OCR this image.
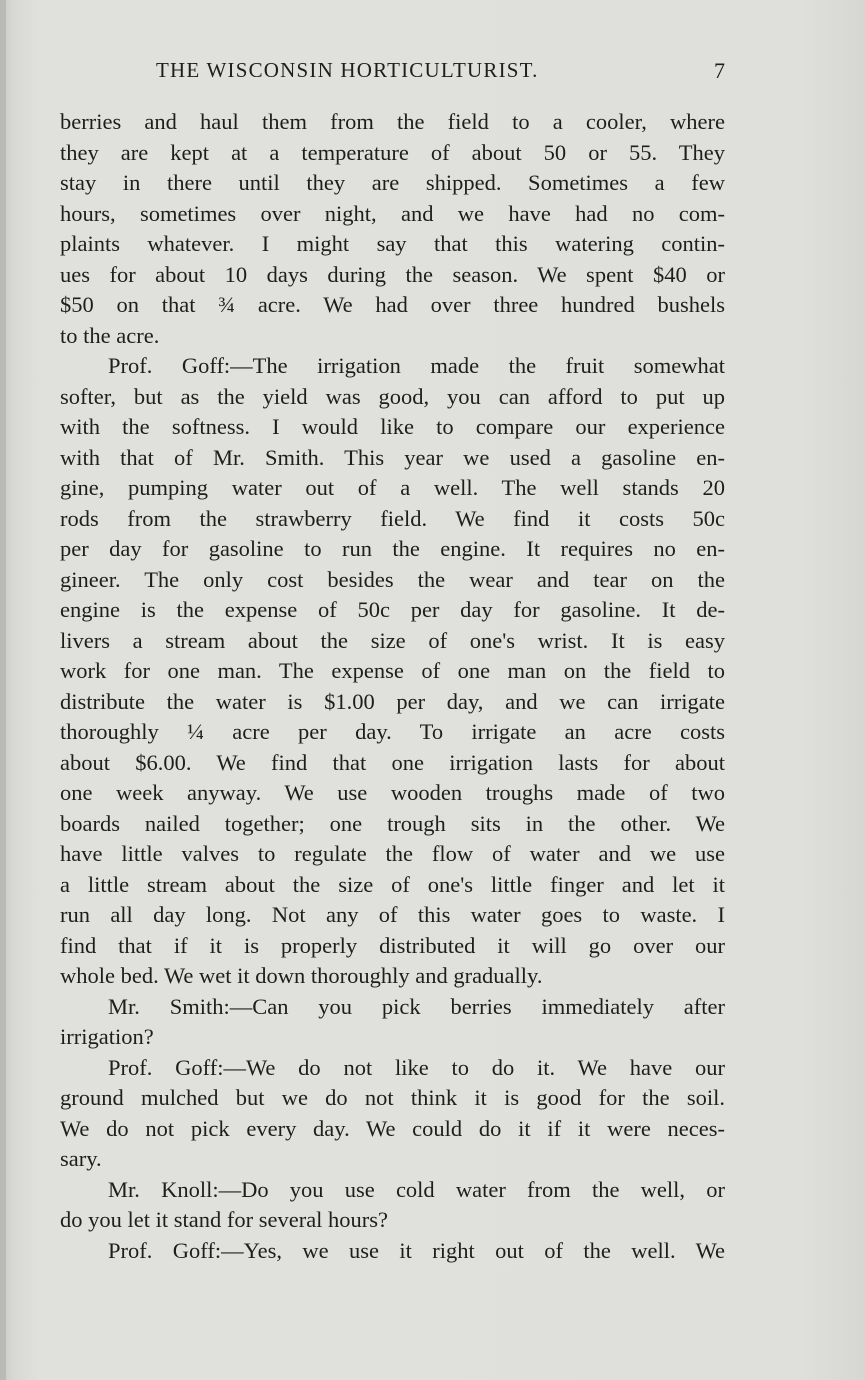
THE WISCONSIN HORTICULTURIST.	7
berries and haul them from the field to a cooler, where
they are kept at a temperature of about 50 or 55. They
stay in there until they are shipped. Sometimes a few
hours, sometimes over night, and we have had no com-
plaints whatever. I might say that this watering contin-
ues for about 10 days during the season. We spent $40 or
$50 on that ¾ acre. We had over three hundred bushels
to the acre.
Prof. Goff:—The irrigation made the fruit somewhat
softer, but as the yield was good, you can afford to put up
with the softness. I would like to compare our experience
with that of Mr. Smith. This year we used a gasoline en-
gine, pumping water out of a well. The well stands 20
rods from the strawberry field. We find it costs 50c
per day for gasoline to run the engine. It requires no en-
gineer. The only cost besides the wear and tear on the
engine is the expense of 50c per day for gasoline. It de-
livers a stream about the size of one's wrist. It is easy
work for one man. The expense of one man on the field to
distribute the water is $1.00 per day, and we can irrigate
thoroughly ¼ acre per day. To irrigate an acre costs
about $6.00. We find that one irrigation lasts for about
one week anyway. We use wooden troughs made of two
boards nailed together; one trough sits in the other. We
have little valves to regulate the flow of water and we use
a little stream about the size of one's little finger and let it
run all day long. Not any of this water goes to waste. I
find that if it is properly distributed it will go over our
whole bed. We wet it down thoroughly and gradually.
Mr. Smith:—Can you pick berries immediately after
irrigation?
Prof. Goff:—We do not like to do it. We have our
ground mulched but we do not think it is good for the soil.
We do not pick every day. We could do it if it were neces-
sary.
Mr. Knoll:—Do you use cold water from the well, or
do you let it stand for several hours?
Prof. Goff:—Yes, we use it right out of the well. We
